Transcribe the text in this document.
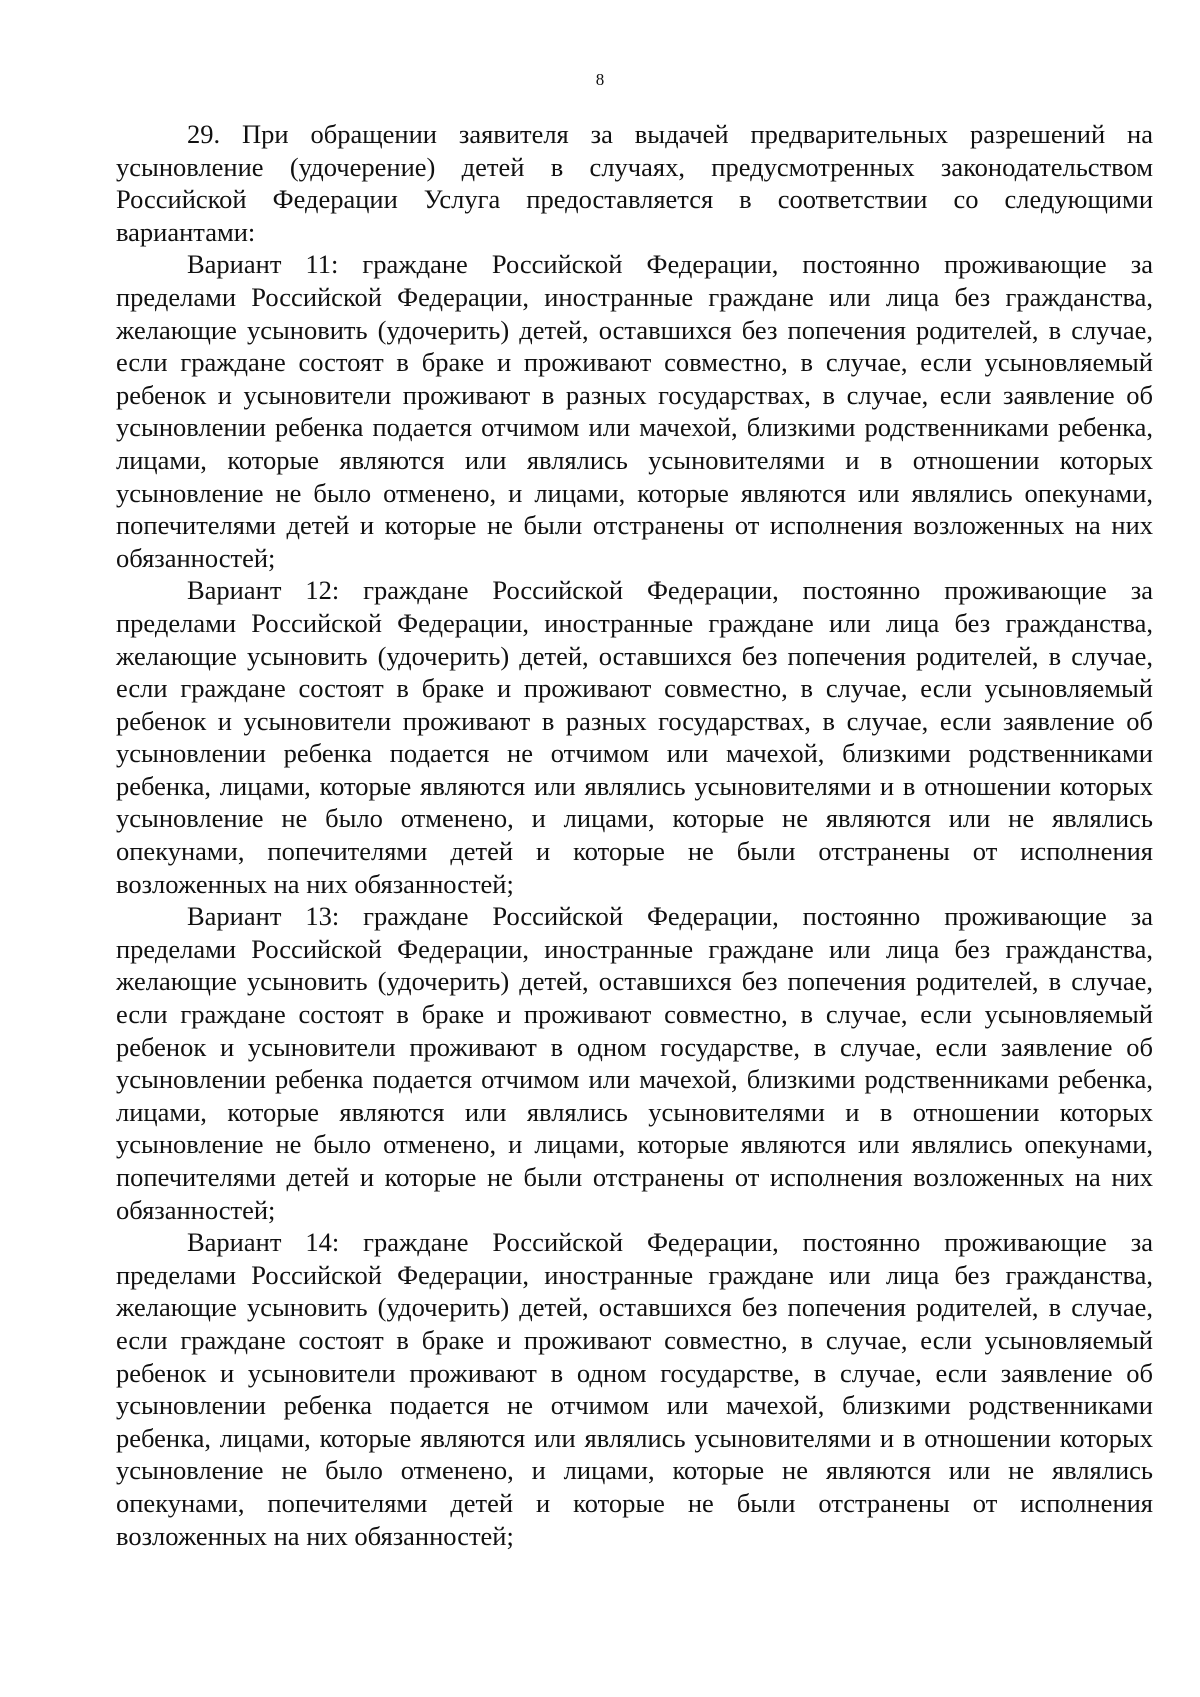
8

29. При обращении заявителя за выдачей предварительных разрешений на усыновление (удочерение) детей в случаях, предусмотренных законодательством Российской Федерации Услуга предоставляется в соответствии со следующими вариантами:

Вариант 11: граждане Российской Федерации, постоянно проживающие за пределами Российской Федерации, иностранные граждане или лица без гражданства, желающие усыновить (удочерить) детей, оставшихся без попечения родителей, в случае, если граждане состоят в браке и проживают совместно, в случае, если усыновляемый ребенок и усыновители проживают в разных государствах, в случае, если заявление об усыновлении ребенка подается отчимом или мачехой, близкими родственниками ребенка, лицами, которые являются или являлись усыновителями и в отношении которых усыновление не было отменено, и лицами, которые являются или являлись опекунами, попечителями детей и которые не были отстранены от исполнения возложенных на них обязанностей;

Вариант 12: граждане Российской Федерации, постоянно проживающие за пределами Российской Федерации, иностранные граждане или лица без гражданства, желающие усыновить (удочерить) детей, оставшихся без попечения родителей, в случае, если граждане состоят в браке и проживают совместно, в случае, если усыновляемый ребенок и усыновители проживают в разных государствах, в случае, если заявление об усыновлении ребенка подается не отчимом или мачехой, близкими родственниками ребенка, лицами, которые являются или являлись усыновителями и в отношении которых усыновление не было отменено, и лицами, которые не являются или не являлись опекунами, попечителями детей и которые не были отстранены от исполнения возложенных на них обязанностей;

Вариант 13: граждане Российской Федерации, постоянно проживающие за пределами Российской Федерации, иностранные граждане или лица без гражданства, желающие усыновить (удочерить) детей, оставшихся без попечения родителей, в случае, если граждане состоят в браке и проживают совместно, в случае, если усыновляемый ребенок и усыновители проживают в одном государстве, в случае, если заявление об усыновлении ребенка подается отчимом или мачехой, близкими родственниками ребенка, лицами, которые являются или являлись усыновителями и в отношении которых усыновление не было отменено, и лицами, которые являются или являлись опекунами, попечителями детей и которые не были отстранены от исполнения возложенных на них обязанностей;

Вариант 14: граждане Российской Федерации, постоянно проживающие за пределами Российской Федерации, иностранные граждане или лица без гражданства, желающие усыновить (удочерить) детей, оставшихся без попечения родителей, в случае, если граждане состоят в браке и проживают совместно, в случае, если усыновляемый ребенок и усыновители проживают в одном государстве, в случае, если заявление об усыновлении ребенка подается не отчимом или мачехой, близкими родственниками ребенка, лицами, которые являются или являлись усыновителями и в отношении которых усыновление не было отменено, и лицами, которые не являются или не являлись опекунами, попечителями детей и которые не были отстранены от исполнения возложенных на них обязанностей;
